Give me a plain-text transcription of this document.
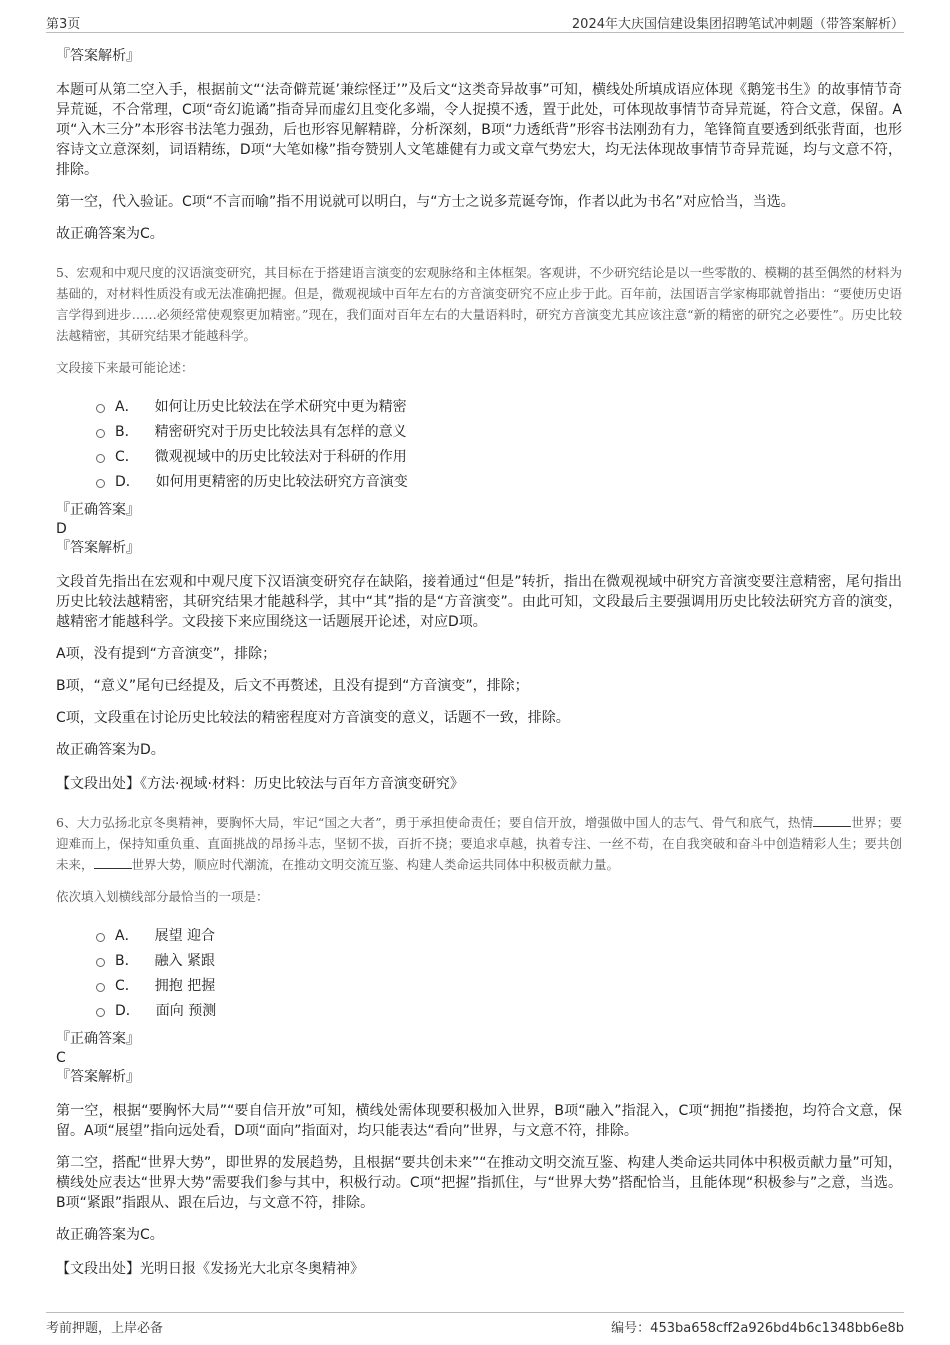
第3页	2024年大庆国信建设集团招聘笔试冲刺题（带答案解析）

『答案解析』

本题可从第二空入手，根据前文“‘法奇僻荒诞’兼综怪迂’”及后文“这类奇异故事”可知，横线处所填成语应体现《鹅笼书生》的故事情节奇异荒诞，不合常理，C项“奇幻诡谲”指奇异而虚幻且变化多端，令人捉摸不透，置于此处，可体现故事情节奇异荒诞，符合文意，保留。A项“入木三分”本形容书法笔力强劲，后也形容见解精辟，分析深刻，B项“力透纸背”形容书法刚劲有力，笔锋简直要透到纸张背面，也形容诗文立意深刻，词语精练，D项“大笔如椽”指夸赞别人文笔雄健有力或文章气势宏大，均无法体现故事情节奇异荒诞，均与文意不符，排除。

第一空，代入验证。C项“不言而喻”指不用说就可以明白，与“方士之说多荒诞夸饰，作者以此为书名”对应恰当，当选。

故正确答案为C。

5、宏观和中观尺度的汉语演变研究，其目标在于搭建语言演变的宏观脉络和主体框架。客观讲，不少研究结论是以一些零散的、模糊的甚至偶然的材料为基础的，对材料性质没有或无法准确把握。但是，微观视域中百年左右的方音演变研究不应止步于此。百年前，法国语言学家梅耶就曾指出：“要使历史语言学得到进步……必须经常使观察更加精密。”现在，我们面对百年左右的大量语料时，研究方音演变尤其应该注意“新的精密的研究之必要性”。历史比较法越精密，其研究结果才能越科学。

文段接下来最可能论述：

A． 如何让历史比较法在学术研究中更为精密
B． 精密研究对于历史比较法具有怎样的意义
C． 微观视域中的历史比较法对于科研的作用
D． 如何用更精密的历史比较法研究方音演变

『正确答案』

D

『答案解析』

文段首先指出在宏观和中观尺度下汉语演变研究存在缺陷，接着通过“但是”转折，指出在微观视域中研究方音演变要注意精密，尾句指出历史比较法越精密，其研究结果才能越科学，其中“其”指的是“方音演变”。由此可知，文段最后主要强调用历史比较法研究方音的演变，越精密才能越科学。文段接下来应围绕这一话题展开论述，对应D项。

A项，没有提到“方音演变”，排除；

B项，“意义”尾句已经提及，后文不再赘述，且没有提到“方音演变”，排除；

C项，文段重在讨论历史比较法的精密程度对方音演变的意义，话题不一致，排除。

故正确答案为D。

【文段出处】《方法·视域·材料：历史比较法与百年方音演变研究》

6、大力弘扬北京冬奥精神，要胸怀大局，牢记“国之大者”，勇于承担使命责任；要自信开放，增强做中国人的志气、骨气和底气，热情	世界；要迎难而上，保持知重负重、直面挑战的昂扬斗志，坚韧不拔，百折不挠；要追求卓越，执着专注、一丝不苟，在自我突破和奋斗中创造精彩人生；要共创未来，	世界大势，顺应时代潮流，在推动文明交流互鉴、构建人类命运共同体中积极贡献力量。

依次填入划横线部分最恰当的一项是：

A． 展望 迎合
B． 融入 紧跟
C． 拥抱 把握
D． 面向 预测

『正确答案』

C

『答案解析』

第一空，根据“要胸怀大局”“要自信开放”可知，横线处需体现要积极加入世界，B项“融入”指混入，C项“拥抱”指搂抱，均符合文意，保留。A项“展望”指向远处看，D项“面向”指面对，均只能表达“看向”世界，与文意不符，排除。

第二空，搭配“世界大势”，即世界的发展趋势，且根据“要共创未来”“在推动文明交流互鉴、构建人类命运共同体中积极贡献力量”可知，横线处应表达“世界大势”需要我们参与其中，积极行动。C项“把握”指抓住，与“世界大势”搭配恰当，且能体现“积极参与”之意，当选。B项“紧跟”指跟从、跟在后边，与文意不符，排除。

故正确答案为C。

【文段出处】光明日报《发扬光大北京冬奥精神》

考前押题，上岸必备	编号：453ba658cff2a926bd4b6c1348bb6e8b
